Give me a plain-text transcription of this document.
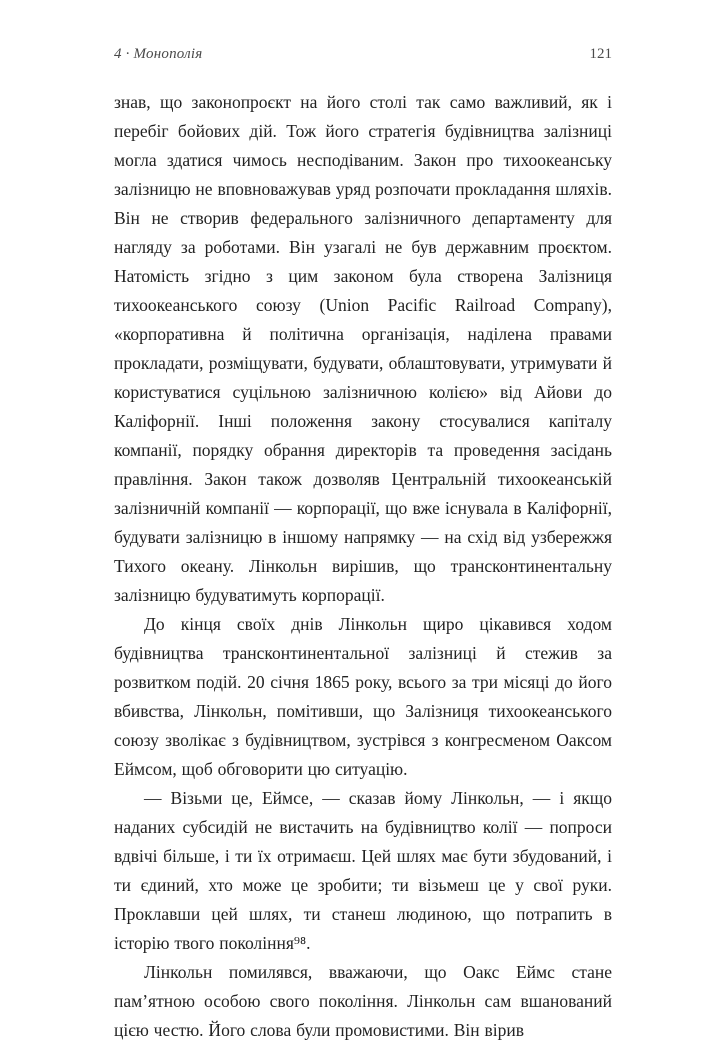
4 · Монополія	121

знав, що законопроєкт на його столі так само важливий, як і перебіг бойових дій. Тож його стратегія будівництва залізниці могла здатися чимось несподіваним. Закон про тихоокеанську залізницю не вповноважував уряд розпочати прокладання шляхів. Він не створив федерального залізничного департаменту для нагляду за роботами. Він узагалі не був державним проєктом. Натомість згідно з цим законом була створена Залізниця тихоокеанського союзу (Union Pacific Railroad Company), «корпоративна й політична організація, наділена правами прокладати, розміщувати, будувати, облаштовувати, утримувати й користуватися суцільною залізничною колією» від Айови до Каліфорнії. Інші положення закону стосувалися капіталу компанії, порядку обрання директорів та проведення засідань правління. Закон також дозволяв Центральній тихоокеанській залізничній компанії — корпорації, що вже існувала в Каліфорнії, будувати залізницю в іншому напрямку — на схід від узбережжя Тихого океану. Лінкольн вирішив, що трансконтинентальну залізницю будуватимуть корпорації.

До кінця своїх днів Лінкольн щиро цікавився ходом будівництва трансконтинентальної залізниці й стежив за розвитком подій. 20 січня 1865 року, всього за три місяці до його вбивства, Лінкольн, помітивши, що Залізниця тихоокеанського союзу зволікає з будівництвом, зустрівся з конгресменом Оаксом Еймсом, щоб обговорити цю ситуацію.

— Візьми це, Еймсе, — сказав йому Лінкольн, — і якщо наданих субсидій не вистачить на будівництво колії — попроси вдвічі більше, і ти їх отримаєш. Цей шлях має бути збудований, і ти єдиний, хто може це зробити; ти візьмеш це у свої руки. Проклавши цей шлях, ти станеш людиною, що потрапить в історію твого покоління⁹⁸.

Лінкольн помилявся, вважаючи, що Оакс Еймс стане пам’ятною особою свого покоління. Лінкольн сам вшанований цією честю. Його слова були промовистими. Він вірив
